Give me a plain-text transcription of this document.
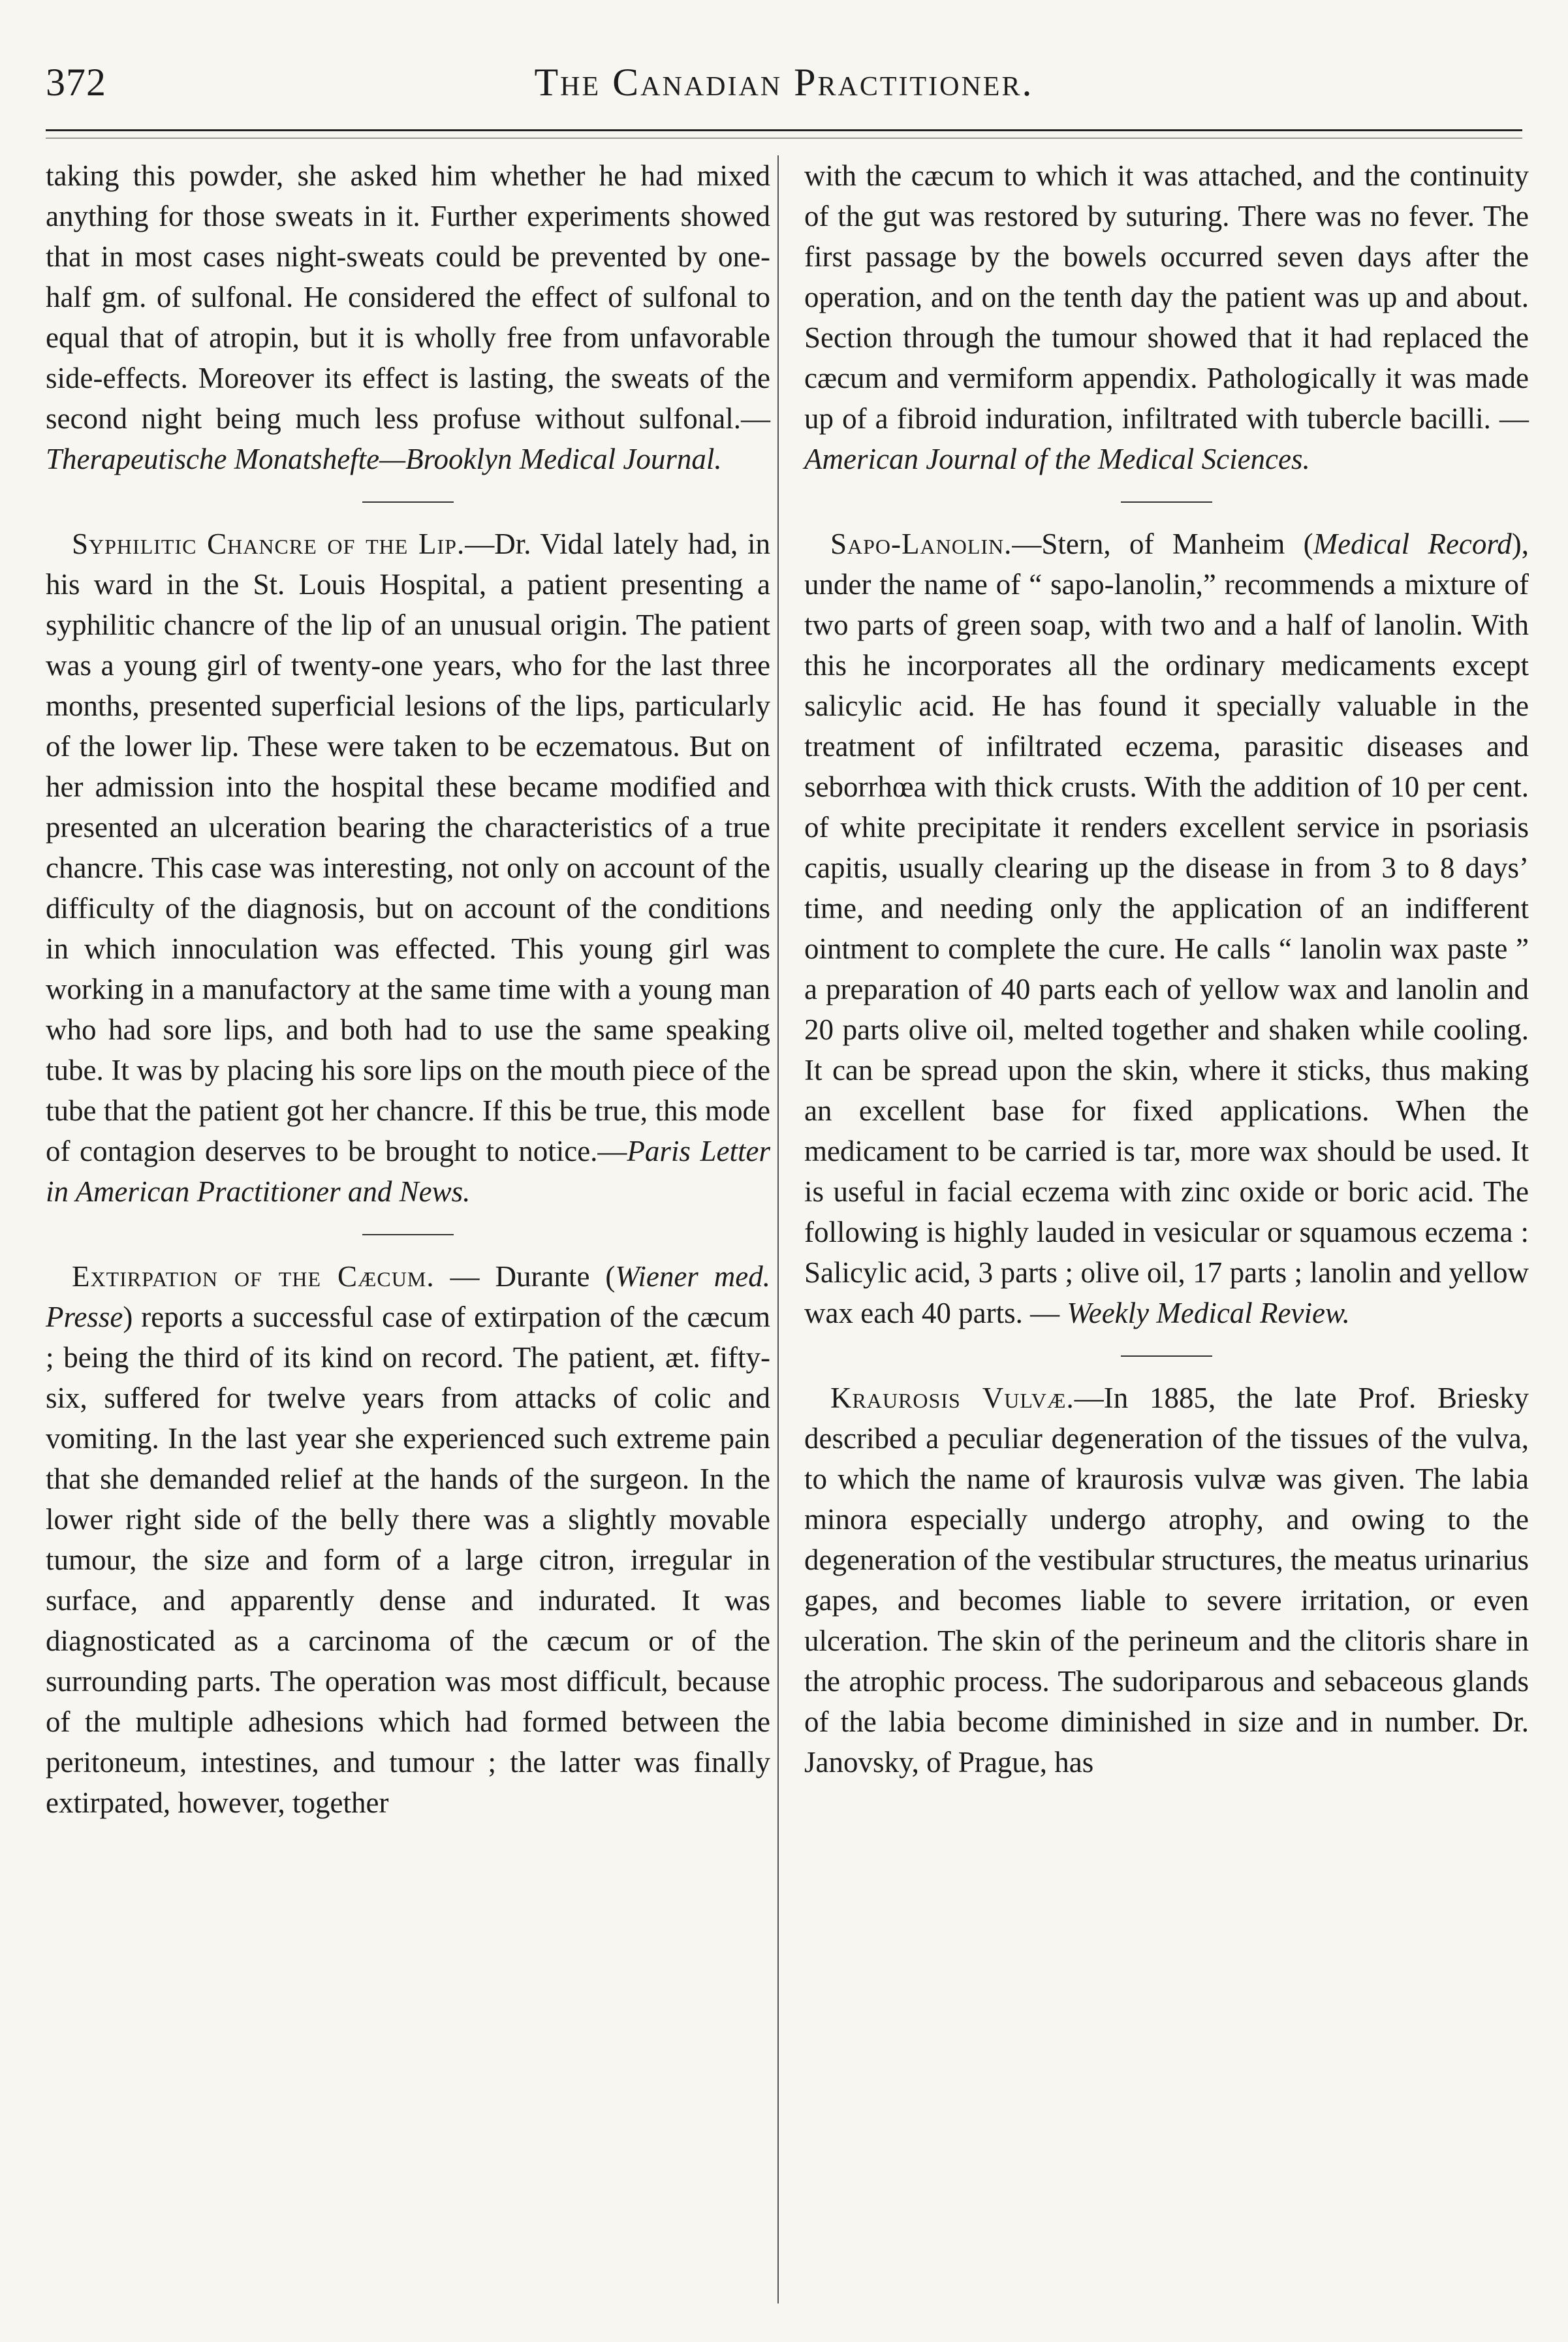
372	The Canadian Practitioner.

taking this powder, she asked him whether he had mixed anything for those sweats in it. Further experiments showed that in most cases night-sweats could be prevented by one-half gm. of sulfonal. He considered the effect of sulfonal to equal that of atropin, but it is wholly free from unfavorable side-effects. Moreover its effect is lasting, the sweats of the second night being much less profuse without sulfonal.—Therapeutische Monatshefte—Brooklyn Medical Journal.

Syphilitic Chancre of the Lip.—Dr. Vidal lately had, in his ward in the St. Louis Hospital, a patient presenting a syphilitic chancre of the lip of an unusual origin. The patient was a young girl of twenty-one years, who for the last three months, presented superficial lesions of the lips, particularly of the lower lip. These were taken to be eczematous. But on her admission into the hospital these became modified and presented an ulceration bearing the characteristics of a true chancre. This case was interesting, not only on account of the difficulty of the diagnosis, but on account of the conditions in which innoculation was effected. This young girl was working in a manufactory at the same time with a young man who had sore lips, and both had to use the same speaking tube. It was by placing his sore lips on the mouth piece of the tube that the patient got her chancre. If this be true, this mode of contagion deserves to be brought to notice.—Paris Letter in American Practitioner and News.

Extirpation of the Cæcum. — Durante (Wiener med. Presse) reports a successful case of extirpation of the cæcum ; being the third of its kind on record. The patient, æt. fifty-six, suffered for twelve years from attacks of colic and vomiting. In the last year she experienced such extreme pain that she demanded relief at the hands of the surgeon. In the lower right side of the belly there was a slightly movable tumour, the size and form of a large citron, irregular in surface, and apparently dense and indurated. It was diagnosticated as a carcinoma of the cæcum or of the surrounding parts. The operation was most difficult, because of the multiple adhesions which had formed between the peritoneum, intestines, and tumour ; the latter was finally extirpated, however, together

with the cæcum to which it was attached, and the continuity of the gut was restored by suturing. There was no fever. The first passage by the bowels occurred seven days after the operation, and on the tenth day the patient was up and about. Section through the tumour showed that it had replaced the cæcum and vermiform appendix. Pathologically it was made up of a fibroid induration, infiltrated with tubercle bacilli. — American Journal of the Medical Sciences.

Sapo-Lanolin.—Stern, of Manheim (Medical Record), under the name of “ sapo-lanolin,” recommends a mixture of two parts of green soap, with two and a half of lanolin. With this he incorporates all the ordinary medicaments except salicylic acid. He has found it specially valuable in the treatment of infiltrated eczema, parasitic diseases and seborrhœa with thick crusts. With the addition of 10 per cent. of white precipitate it renders excellent service in psoriasis capitis, usually clearing up the disease in from 3 to 8 days’ time, and needing only the application of an indifferent ointment to complete the cure. He calls “ lanolin wax paste ” a preparation of 40 parts each of yellow wax and lanolin and 20 parts olive oil, melted together and shaken while cooling. It can be spread upon the skin, where it sticks, thus making an excellent base for fixed applications. When the medicament to be carried is tar, more wax should be used. It is useful in facial eczema with zinc oxide or boric acid. The following is highly lauded in vesicular or squamous eczema : Salicylic acid, 3 parts ; olive oil, 17 parts ; lanolin and yellow wax each 40 parts. — Weekly Medical Review.

Kraurosis Vulvæ.—In 1885, the late Prof. Briesky described a peculiar degeneration of the tissues of the vulva, to which the name of kraurosis vulvæ was given. The labia minora especially undergo atrophy, and owing to the degeneration of the vestibular structures, the meatus urinarius gapes, and becomes liable to severe irritation, or even ulceration. The skin of the perineum and the clitoris share in the atrophic process. The sudoriparous and sebaceous glands of the labia become diminished in size and in number. Dr. Janovsky, of Prague, has
